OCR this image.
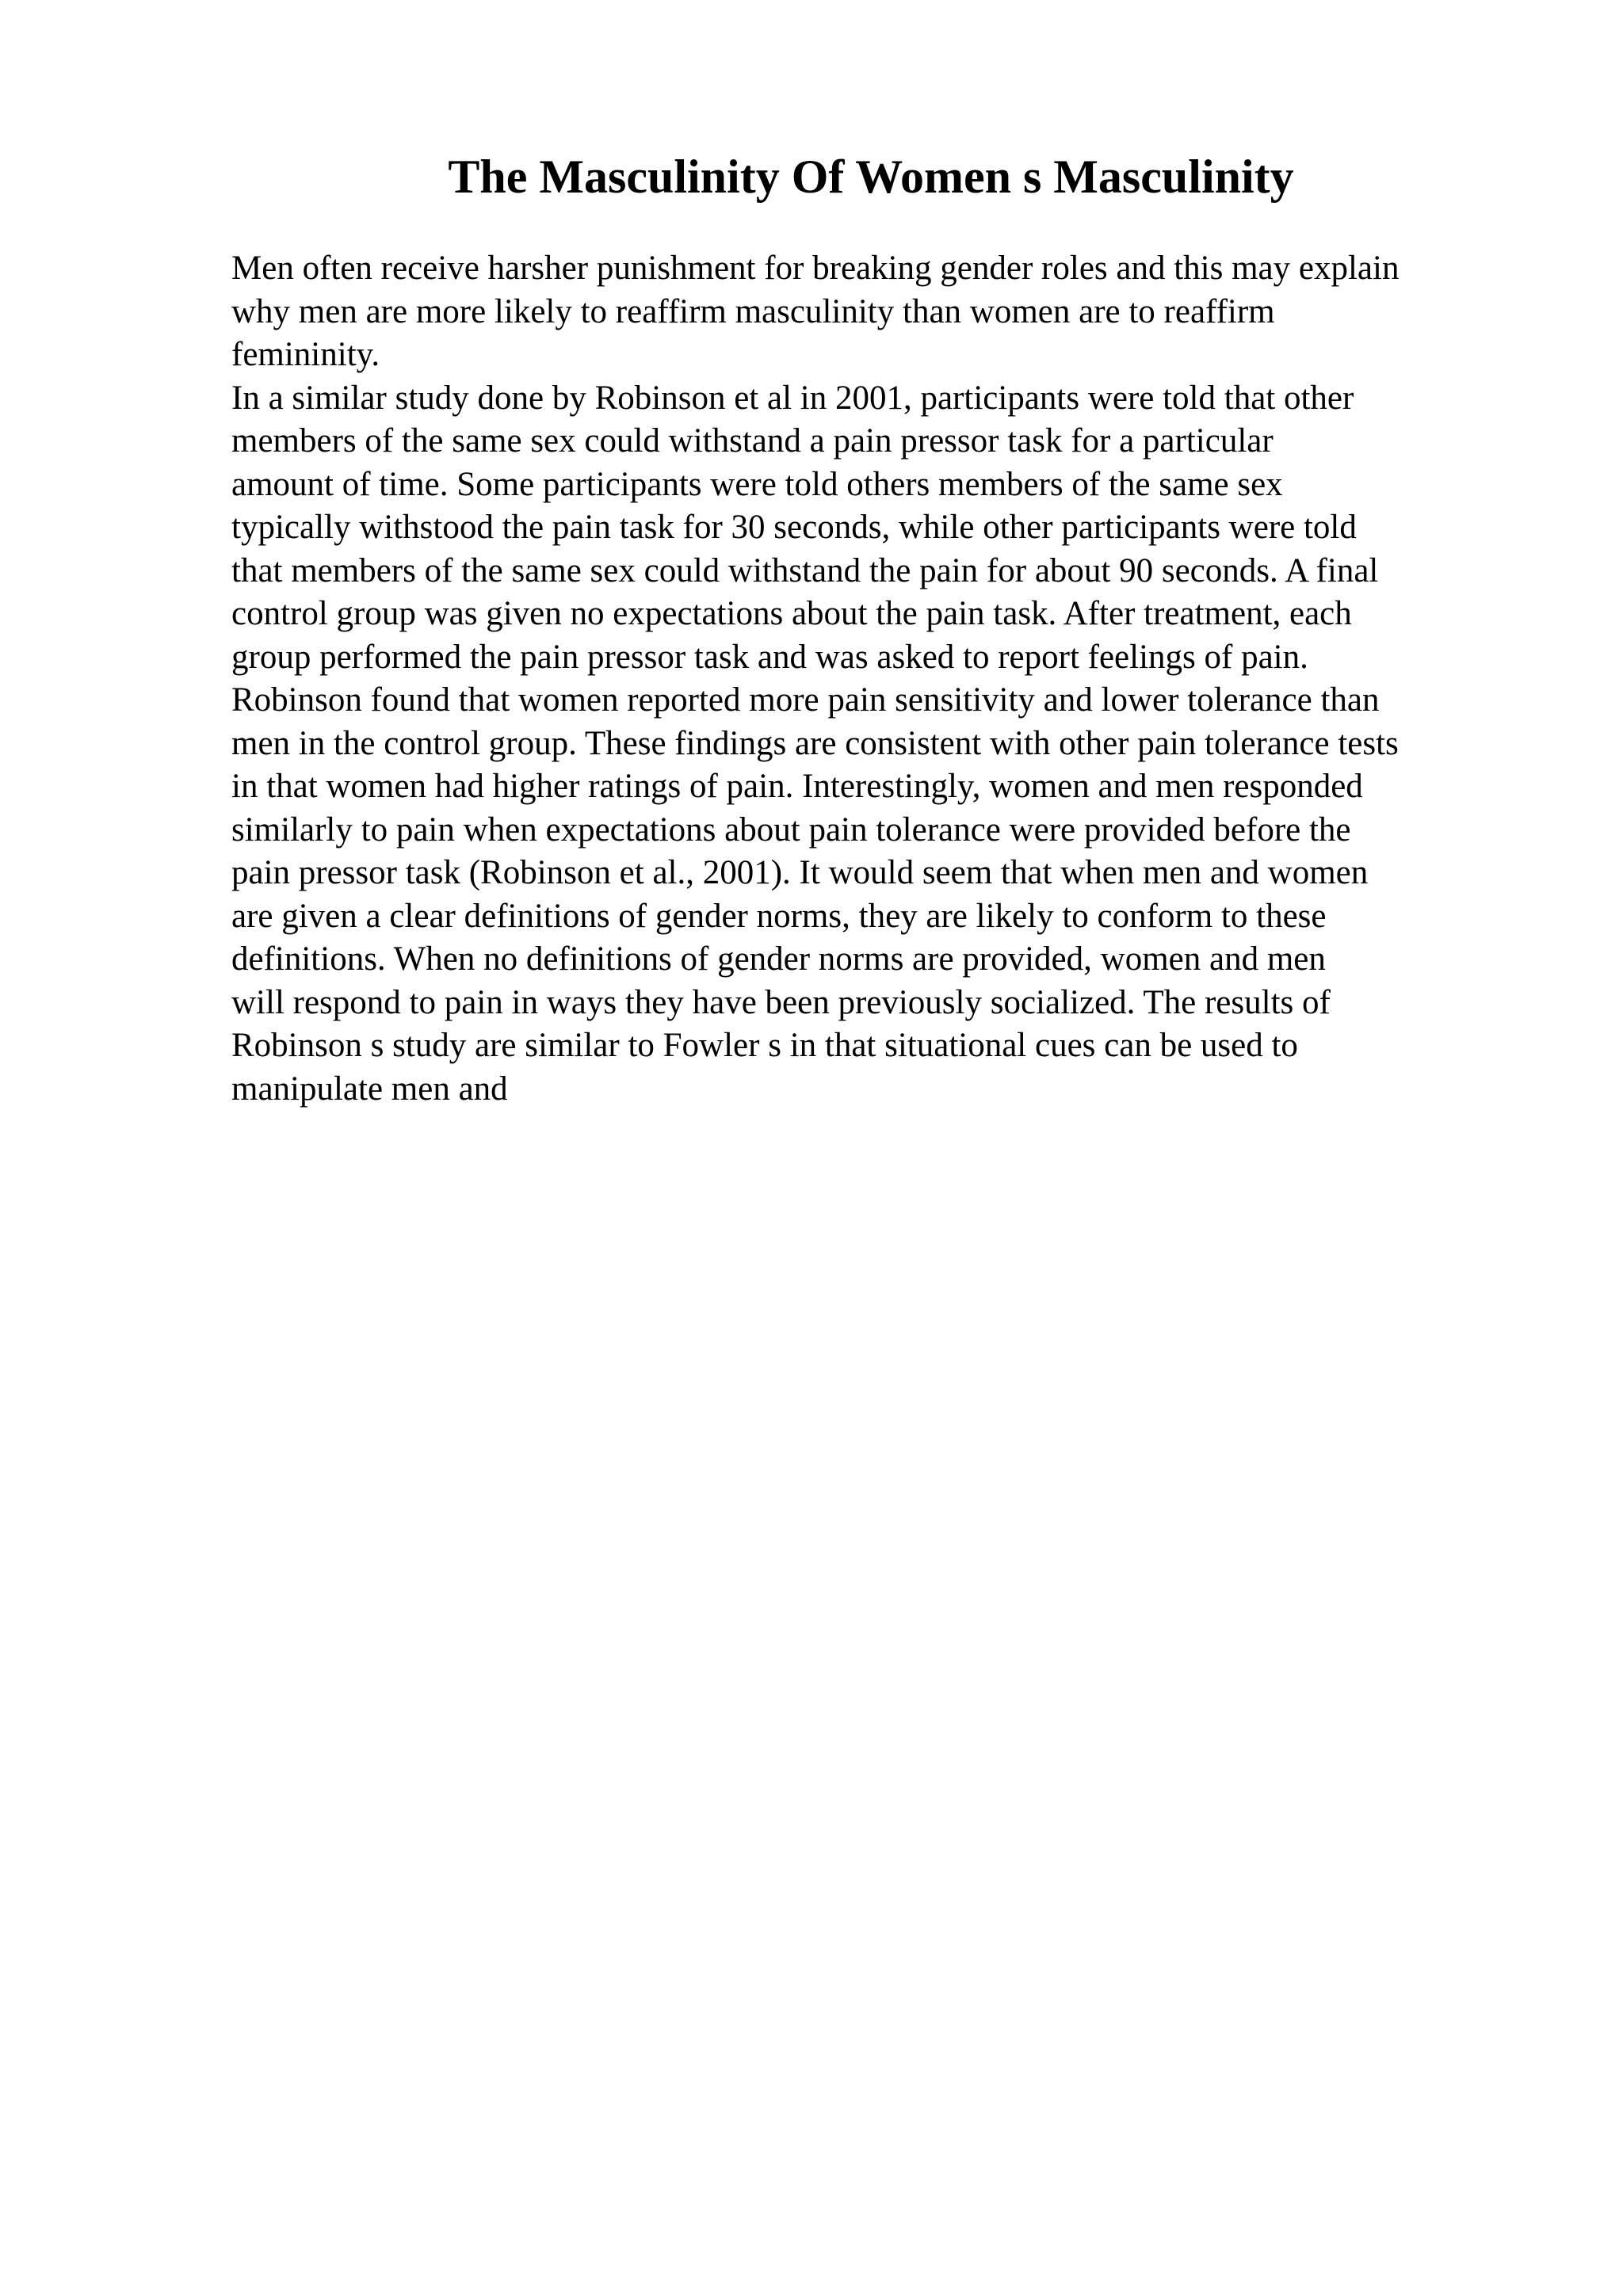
The Masculinity Of Women s Masculinity
Men often receive harsher punishment for breaking gender roles and this may explain
why men are more likely to reaffirm masculinity than women are to reaffirm
femininity.
In a similar study done by Robinson et al in 2001, participants were told that other
members of the same sex could withstand a pain pressor task for a particular
amount of time. Some participants were told others members of the same sex
typically withstood the pain task for 30 seconds, while other participants were told
that members of the same sex could withstand the pain for about 90 seconds. A final
control group was given no expectations about the pain task. After treatment, each
group performed the pain pressor task and was asked to report feelings of pain.
Robinson found that women reported more pain sensitivity and lower tolerance than
men in the control group. These findings are consistent with other pain tolerance tests
in that women had higher ratings of pain. Interestingly, women and men responded
similarly to pain when expectations about pain tolerance were provided before the
pain pressor task (Robinson et al., 2001). It would seem that when men and women
are given a clear definitions of gender norms, they are likely to conform to these
definitions. When no definitions of gender norms are provided, women and men
will respond to pain in ways they have been previously socialized. The results of
Robinson s study are similar to Fowler s in that situational cues can be used to
manipulate men and
